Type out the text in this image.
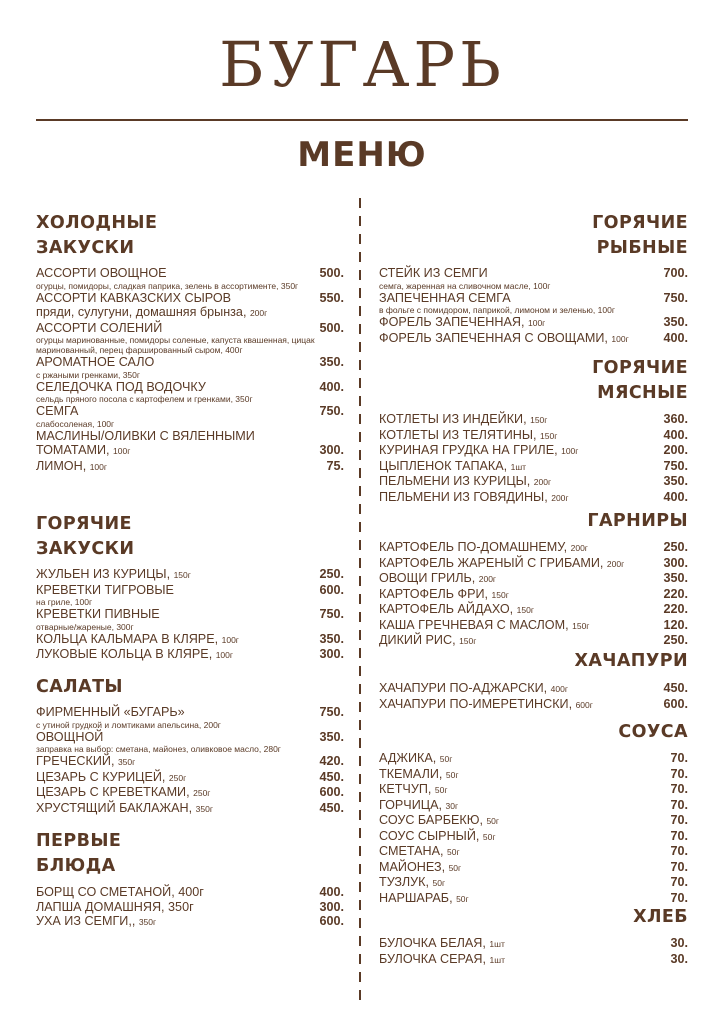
БУГАРЬ
МЕНЮ
ХОЛОДНЫЕ
ЗАКУСКИ
АССОРТИ ОВОЩНОЕ	500.
огурцы, помидоры, сладкая паприка, зелень в ассортименте, 350г
АССОРТИ КАВКАЗСКИХ СЫРОВ	550.
пряди, сулугуни, домашняя брынза, 200г
АССОРТИ СОЛЕНИЙ	500.
огурцы маринованные, помидоры соленые, капуста квашенная, цицак маринованный, перец фаршированный сыром, 400г
АРОМАТНОЕ САЛО	350.
с ржаными гренками, 350г
СЕЛЕДОЧКА ПОД ВОДОЧКУ	400.
сельдь пряного посола с картофелем и гренками, 350г
СЕМГА	750.
слабосоленая, 100г
МАСЛИНЫ/ОЛИВКИ С ВЯЛЕННЫМИ
ТОМАТАМИ, 100г	300.
ЛИМОН, 100г	75.
ГОРЯЧИЕ
ЗАКУСКИ
ЖУЛЬЕН ИЗ КУРИЦЫ, 150г	250.
КРЕВЕТКИ ТИГРОВЫЕ	600.
на гриле, 100г
КРЕВЕТКИ ПИВНЫЕ	750.
отварные/жареные, 300г
КОЛЬЦА КАЛЬМАРА В КЛЯРЕ, 100г	350.
ЛУКОВЫЕ КОЛЬЦА В КЛЯРЕ, 100г	300.
САЛАТЫ
ФИРМЕННЫЙ «БУГАРЬ»	750.
с утиной грудкой и ломтиками апельсина, 200г
ОВОЩНОЙ	350.
заправка на выбор: сметана, майонез, оливковое масло, 280г
ГРЕЧЕСКИЙ, 350г	420.
ЦЕЗАРЬ С КУРИЦЕЙ, 250г	450.
ЦЕЗАРЬ С КРЕВЕТКАМИ, 250г	600.
ХРУСТЯЩИЙ БАКЛАЖАН, 350г	450.
ПЕРВЫЕ
БЛЮДА
БОРЩ СО СМЕТАНОЙ, 400г	400.
ЛАПША ДОМАШНЯЯ, 350г	300.
УХА ИЗ СЕМГИ,, 350г	600.
ГОРЯЧИЕ
РЫБНЫЕ
СТЕЙК ИЗ СЕМГИ	700.
семга, жаренная на сливочном масле, 100г
ЗАПЕЧЕННАЯ СЕМГА	750.
в фольге с помидором, паприкой, лимоном и зеленью, 100г
ФОРЕЛЬ ЗАПЕЧЕННАЯ, 100г	350.
ФОРЕЛЬ ЗАПЕЧЕННАЯ С ОВОЩАМИ, 100г	400.
ГОРЯЧИЕ
МЯСНЫЕ
КОТЛЕТЫ ИЗ ИНДЕЙКИ, 150г	360.
КОТЛЕТЫ ИЗ ТЕЛЯТИНЫ, 150г	400.
КУРИНАЯ ГРУДКА НА ГРИЛЕ, 100г	200.
ЦЫПЛЕНОК ТАПАКА, 1шт	750.
ПЕЛЬМЕНИ ИЗ КУРИЦЫ, 200г	350.
ПЕЛЬМЕНИ ИЗ ГОВЯДИНЫ, 200г	400.
ГАРНИРЫ
КАРТОФЕЛЬ ПО-ДОМАШНЕМУ, 200г	250.
КАРТОФЕЛЬ ЖАРЕНЫЙ С ГРИБАМИ, 200г	300.
ОВОЩИ ГРИЛЬ, 200г	350.
КАРТОФЕЛЬ ФРИ, 150г	220.
КАРТОФЕЛЬ АЙДАХО, 150г	220.
КАША ГРЕЧНЕВАЯ С МАСЛОМ, 150г	120.
ДИКИЙ РИС, 150г	250.
ХАЧАПУРИ
ХАЧАПУРИ ПО-АДЖАРСКИ, 400г	450.
ХАЧАПУРИ ПО-ИМЕРЕТИНСКИ, 600г	600.
СОУСА
АДЖИКА, 50г	70.
ТКЕМАЛИ, 50г	70.
КЕТЧУП, 50г	70.
ГОРЧИЦА, 30г	70.
СОУС БАРБЕКЮ, 50г	70.
СОУС СЫРНЫЙ, 50г	70.
СМЕТАНА, 50г	70.
МАЙОНЕЗ, 50г	70.
ТУЗЛУК, 50г	70.
НАРШАРАБ, 50г	70.
ХЛЕБ
БУЛОЧКА БЕЛАЯ, 1шт	30.
БУЛОЧКА СЕРАЯ, 1шт	30.
